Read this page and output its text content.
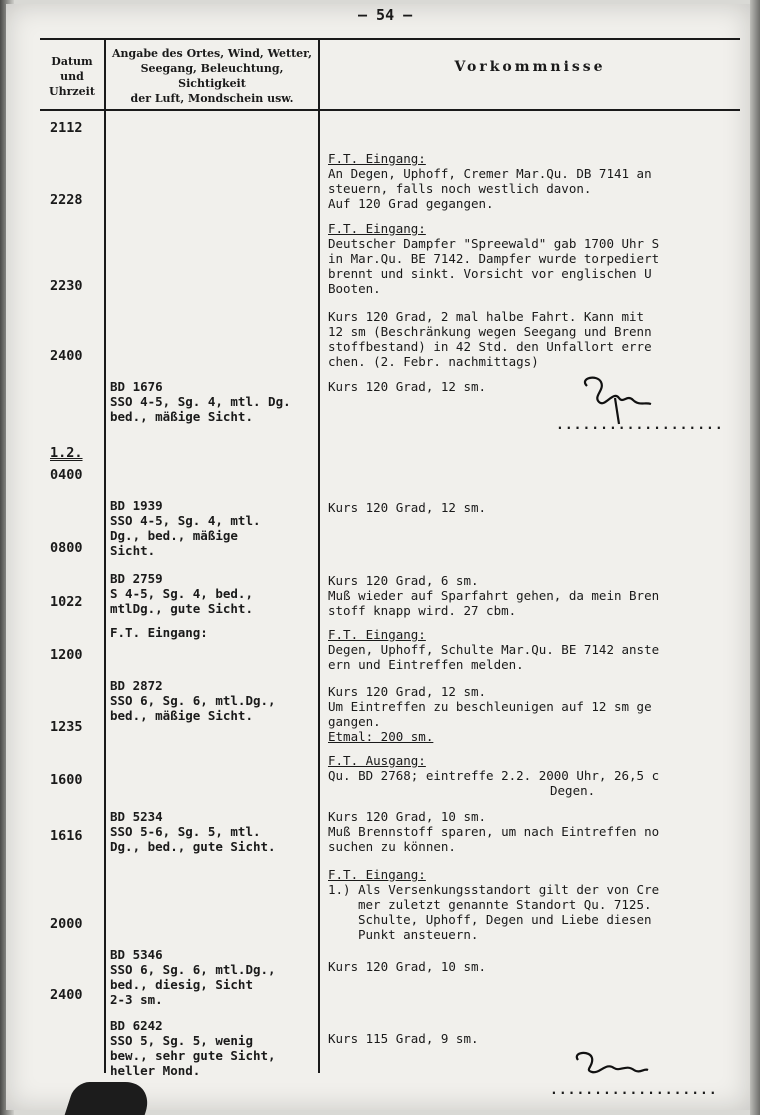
– 54 –
Datum
und
Uhrzeit
Angabe des Ortes, Wind, Wetter,
Seegang, Beleuchtung, Sichtigkeit
der Luft, Mondschein usw.
Vorkommnisse
1.2.
2112
2228
2230
2400
0400
0800
1022
1200
1235
1600
1616
2000
2400

BD 1676
SSO 4-5, Sg. 4, mtl. Dg.
bed., mäßige Sicht.

BD 1939
SSO 4-5, Sg. 4, mtl.
Dg., bed., mäßige
Sicht.

BD 2759
S 4-5, Sg. 4, bed.,
mtlDg., gute Sicht.

F.T. Eingang:

BD 2872
SSO 6, Sg. 6, mtl.Dg.,
bed., mäßige Sicht.

BD 5234
SSO 5-6, Sg. 5, mtl.
Dg., bed., gute Sicht.

BD 5346
SSO 6, Sg. 6, mtl.Dg.,
bed., diesig, Sicht
2-3 sm.

BD 6242
SSO 5, Sg. 5, wenig
bew., sehr gute Sicht,
heller Mond.

F.T. Eingang:
An Degen, Uphoff, Cremer Mar.Qu. DB 7141 an
steuern, falls noch westlich davon.
Auf 120 Grad gegangen.

F.T. Eingang:
Deutscher Dampfer "Spreewald" gab 1700 Uhr S
in Mar.Qu. BE 7142. Dampfer wurde torpediert
brennt und sinkt. Vorsicht vor englischen U
Booten.

Kurs 120 Grad, 2 mal halbe Fahrt. Kann mit
12 sm (Beschränkung wegen Seegang und Brenn
stoffbestand) in 42 Std. den Unfallort erre
chen. (2. Febr. nachmittags)

Kurs 120 Grad, 12 sm.

Kurs 120 Grad, 12 sm.

Kurs 120 Grad, 6 sm.
Muß wieder auf Sparfahrt gehen, da mein Bren
stoff knapp wird. 27 cbm.

F.T. Eingang:
Degen, Uphoff, Schulte Mar.Qu. BE 7142 anste
ern und Eintreffen melden.

Kurs 120 Grad, 12 sm.
Um Eintreffen zu beschleunigen auf 12 sm ge
gangen.
Etmal: 200 sm.

F.T. Ausgang:
Qu. BD 2768; eintreffe 2.2. 2000 Uhr, 26,5 c
Degen.

Kurs 120 Grad, 10 sm.
Muß Brennstoff sparen, um nach Eintreffen no
suchen zu können.

F.T. Eingang:
1.) Als Versenkungsstandort gilt der von Cre
mer zuletzt genannte Standort Qu. 7125.
Schulte, Uphoff, Degen und Liebe diesen
Punkt ansteuern.

Kurs 120 Grad, 10 sm.

Kurs 115 Grad, 9 sm.

...................
...................
